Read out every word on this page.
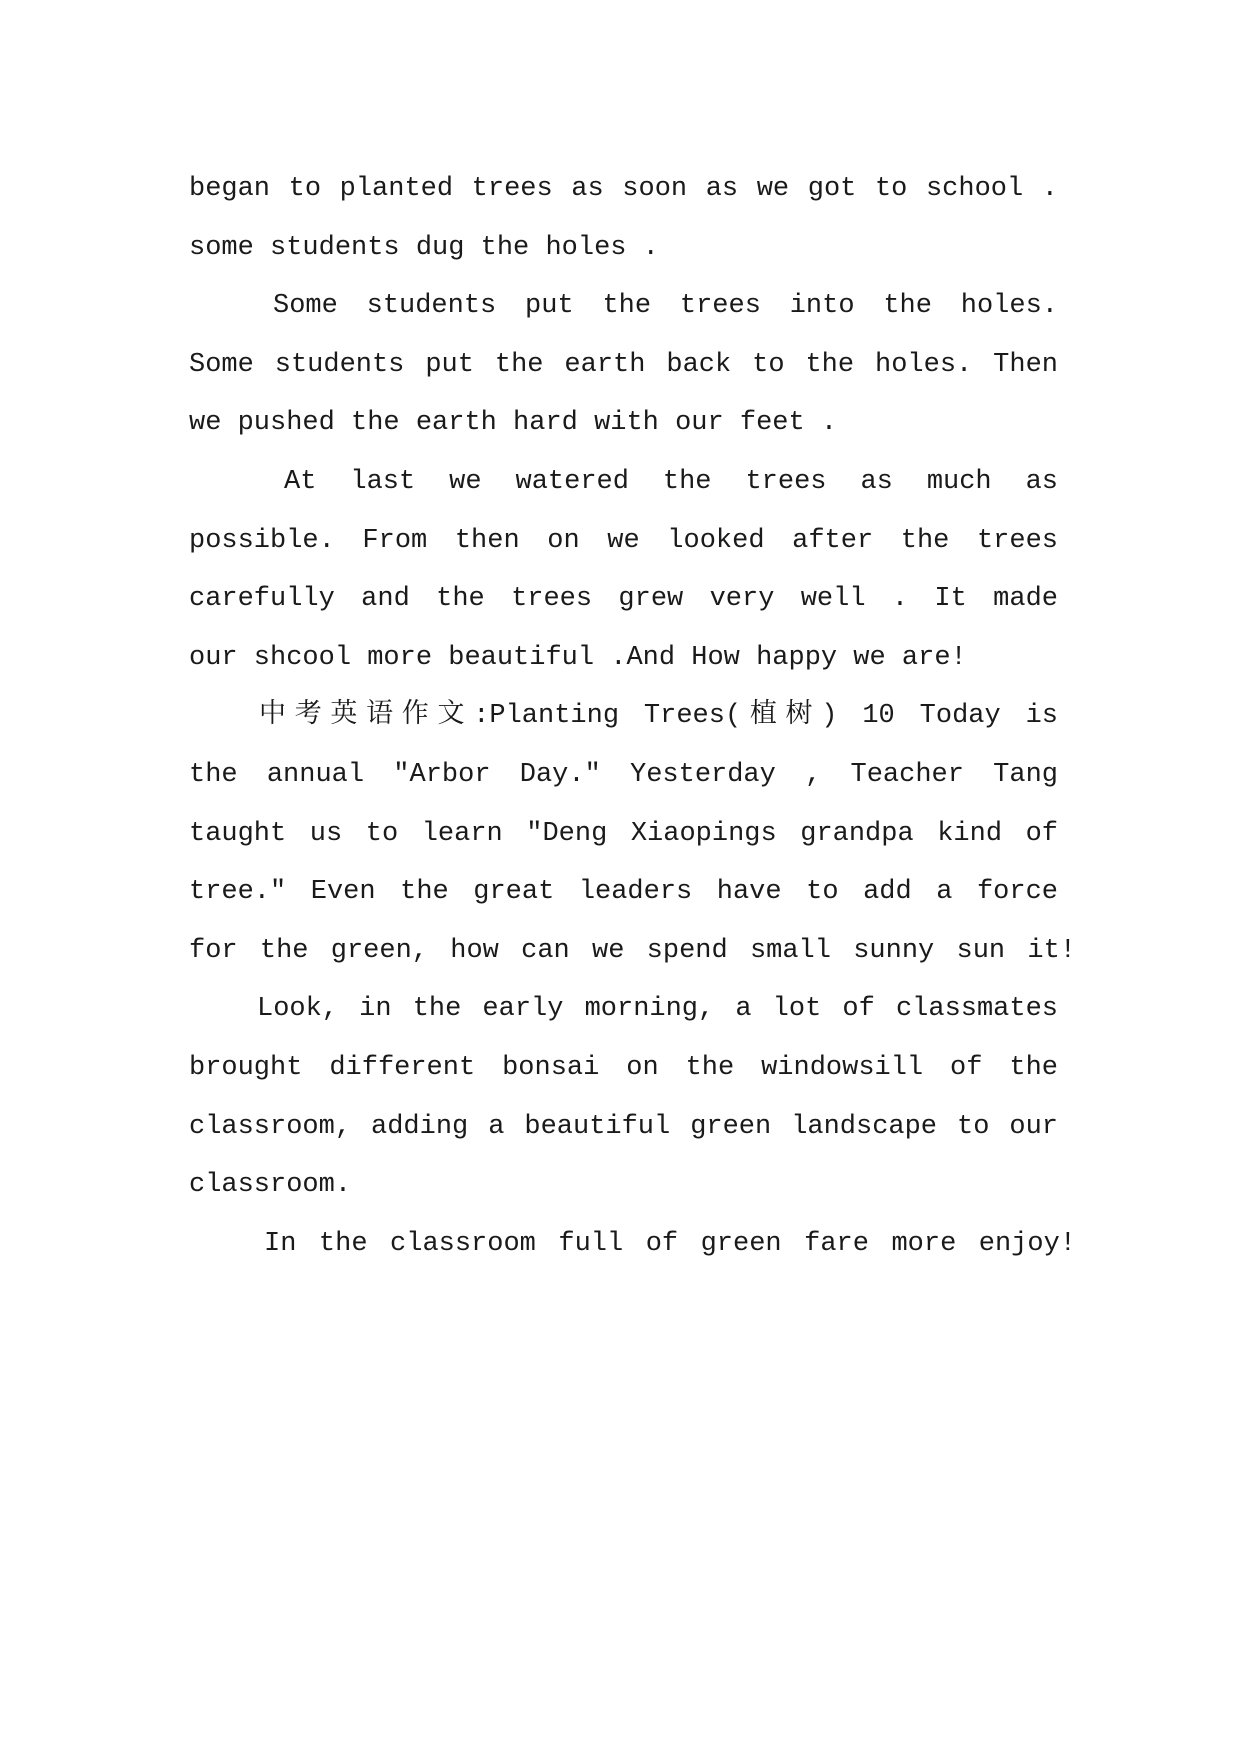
began to planted trees as soon as we got to school .
some students dug the holes .
Some students put the trees into the holes.
Some students put the earth back to the holes. Then
we pushed the earth hard with our feet .
At last we watered the trees as much as
possible. From then on we looked after the trees
carefully and the trees grew very well . It made
our shcool more beautiful .And How happy we are!
中考英语作文:Planting Trees(植树) 10 Today is
the annual "Arbor Day." Yesterday , Teacher Tang
taught us to learn "Deng Xiaopings grandpa kind of
tree." Even the great leaders have to add a force
for the green, how can we spend small sunny sun it!
Look, in the early morning, a lot of classmates
brought different bonsai on the windowsill of the
classroom, adding a beautiful green landscape to our
classroom.
In the classroom full of green fare more enjoy!
